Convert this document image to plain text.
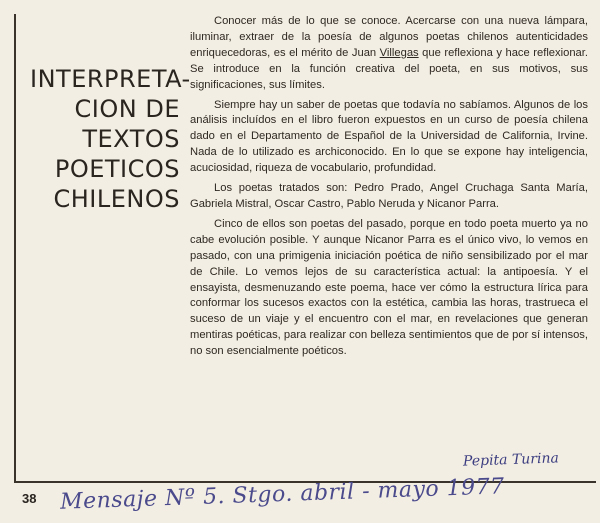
INTERPRETA-
CION DE
TEXTOS
POETICOS
CHILENOS

Conocer más de lo que se conoce. Acercarse con una nueva lámpara, iluminar, extraer de la poesía de algunos poetas chilenos autenticidades enriquecedoras, es el mérito de Juan Villegas que reflexiona y hace reflexionar. Se introduce en la función creativa del poeta, en sus motivos, sus significaciones, sus límites.

Siempre hay un saber de poetas que todavía no sabíamos. Algunos de los análisis incluídos en el libro fueron expuestos en un curso de poesía chilena dado en el Departamento de Español de la Universidad de California, Irvine. Nada de lo utilizado es archiconocido. En lo que se expone hay inteligencia, acuciosidad, riqueza de vocabulario, profundidad.

Los poetas tratados son: Pedro Prado, Angel Cruchaga Santa María, Gabriela Mistral, Oscar Castro, Pablo Neruda y Nicanor Parra.

Cinco de ellos son poetas del pasado, porque en todo poeta muerto ya no cabe evolución posible. Y aunque Nicanor Parra es el único vivo, lo vemos en pasado, con una primigenia iniciación poética de niño sensibilizado por el mar de Chile. Lo vemos lejos de su característica actual: la antipoesía. Y el ensayista, desmenuzando este poema, hace ver cómo la estructura lírica para conformar los sucesos exactos con la estética, cambia las horas, trastrueca el suceso de un viaje y el encuentro con el mar, en revelaciones que generan mentiras poéticas, para realizar con belleza sentimientos que de por sí intensos, no son esencialmente poéticos.

Pepita Turina
38 Mensaje Nº 5. Stgo. abril - mayo 1977
